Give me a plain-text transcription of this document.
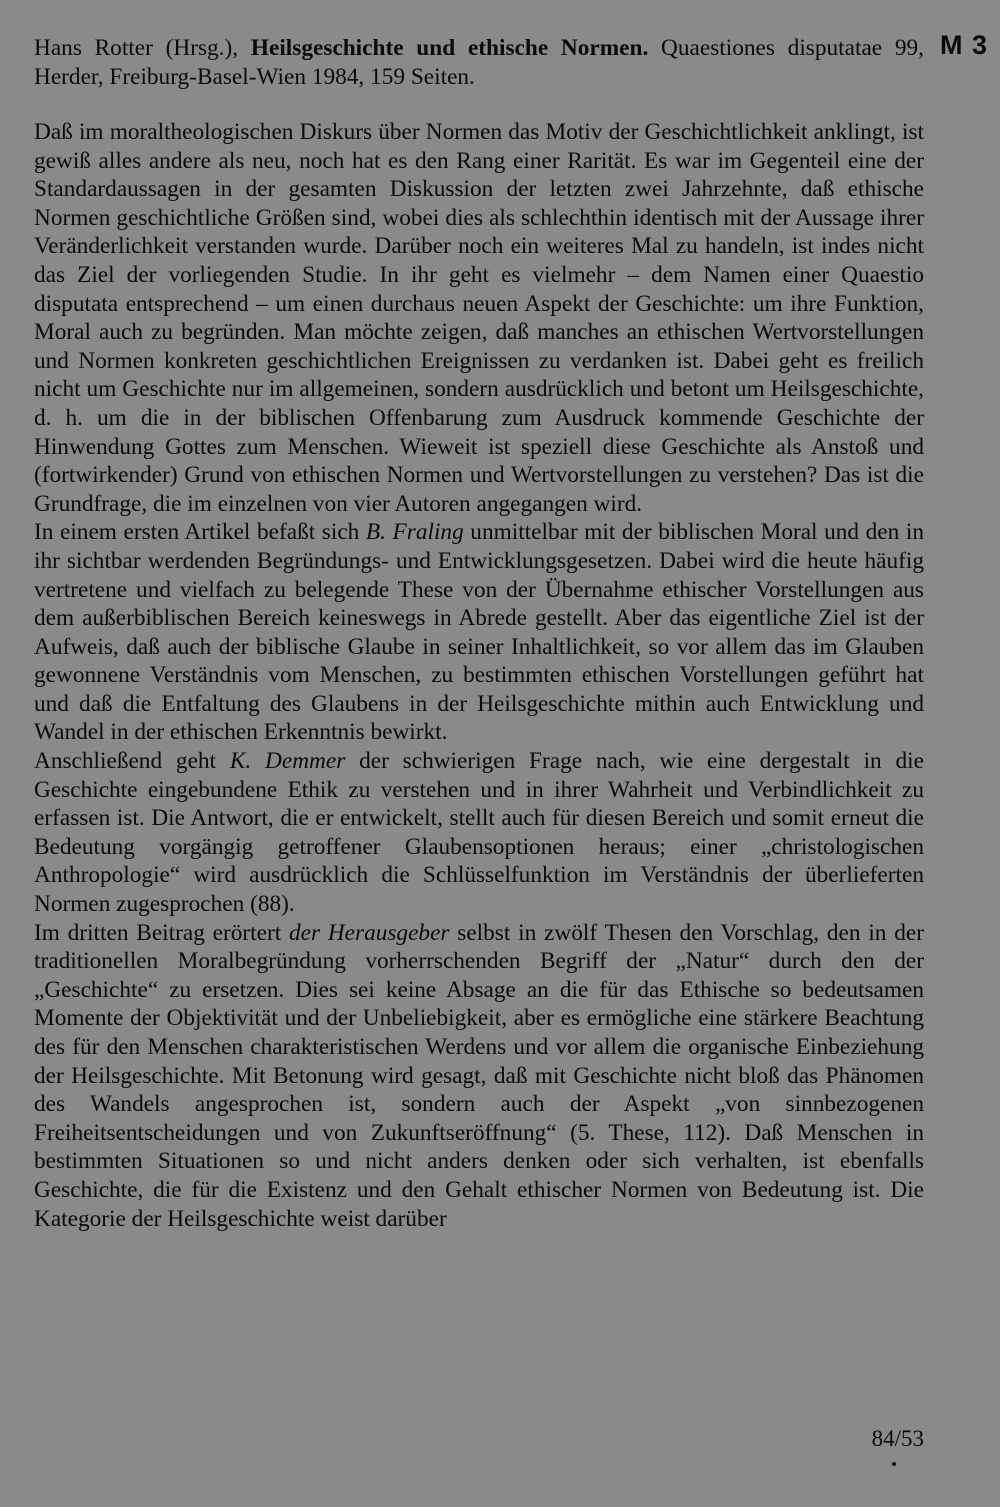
M 3
Hans Rotter (Hrsg.), Heilsgeschichte und ethische Normen. Quaestiones disputatae 99, Herder, Freiburg-Basel-Wien 1984, 159 Seiten.

Daß im moraltheologischen Diskurs über Normen das Motiv der Geschichtlichkeit anklingt, ist gewiß alles andere als neu, noch hat es den Rang einer Rarität. Es war im Gegenteil eine der Standardaussagen in der gesamten Diskussion der letzten zwei Jahrzehnte, daß ethische Normen geschichtliche Größen sind, wobei dies als schlechthin identisch mit der Aussage ihrer Veränderlichkeit verstanden wurde. Darüber noch ein weiteres Mal zu handeln, ist indes nicht das Ziel der vorliegenden Studie. In ihr geht es vielmehr – dem Namen einer Quaestio disputata entsprechend – um einen durchaus neuen Aspekt der Geschichte: um ihre Funktion, Moral auch zu begründen. Man möchte zeigen, daß manches an ethischen Wertvorstellungen und Normen konkreten geschichtlichen Ereignissen zu verdanken ist. Dabei geht es freilich nicht um Geschichte nur im allgemeinen, sondern ausdrücklich und betont um Heilsgeschichte, d. h. um die in der biblischen Offenbarung zum Ausdruck kommende Geschichte der Hinwendung Gottes zum Menschen. Wieweit ist speziell diese Geschichte als Anstoß und (fortwirkender) Grund von ethischen Normen und Wertvorstellungen zu verstehen? Das ist die Grundfrage, die im einzelnen von vier Autoren angegangen wird.

In einem ersten Artikel befaßt sich B. Fraling unmittelbar mit der biblischen Moral und den in ihr sichtbar werdenden Begründungs- und Entwicklungsgesetzen. Dabei wird die heute häufig vertretene und vielfach zu belegende These von der Übernahme ethischer Vorstellungen aus dem außerbiblischen Bereich keineswegs in Abrede gestellt. Aber das eigentliche Ziel ist der Aufweis, daß auch der biblische Glaube in seiner Inhaltlichkeit, so vor allem das im Glauben gewonnene Verständnis vom Menschen, zu bestimmten ethischen Vorstellungen geführt hat und daß die Entfaltung des Glaubens in der Heilsgeschichte mithin auch Entwicklung und Wandel in der ethischen Erkenntnis bewirkt.

Anschließend geht K. Demmer der schwierigen Frage nach, wie eine dergestalt in die Geschichte eingebundene Ethik zu verstehen und in ihrer Wahrheit und Verbindlichkeit zu erfassen ist. Die Antwort, die er entwickelt, stellt auch für diesen Bereich und somit erneut die Bedeutung vorgängig getroffener Glaubensoptionen heraus; einer „christologischen Anthropologie“ wird ausdrücklich die Schlüsselfunktion im Verständnis der überlieferten Normen zugesprochen (88).

Im dritten Beitrag erörtert der Herausgeber selbst in zwölf Thesen den Vorschlag, den in der traditionellen Moralbegründung vorherrschenden Begriff der „Natur“ durch den der „Geschichte“ zu ersetzen. Dies sei keine Absage an die für das Ethische so bedeutsamen Momente der Objektivität und der Unbeliebigkeit, aber es ermögliche eine stärkere Beachtung des für den Menschen charakteristischen Werdens und vor allem die organische Einbeziehung der Heilsgeschichte. Mit Betonung wird gesagt, daß mit Geschichte nicht bloß das Phänomen des Wandels angesprochen ist, sondern auch der Aspekt „von sinnbezogenen Freiheitsentscheidungen und von Zukunftseröffnung“ (5. These, 112). Daß Menschen in bestimmten Situationen so und nicht anders denken oder sich verhalten, ist ebenfalls Geschichte, die für die Existenz und den Gehalt ethischer Normen von Bedeutung ist. Die Kategorie der Heilsgeschichte weist darüber

84/53
